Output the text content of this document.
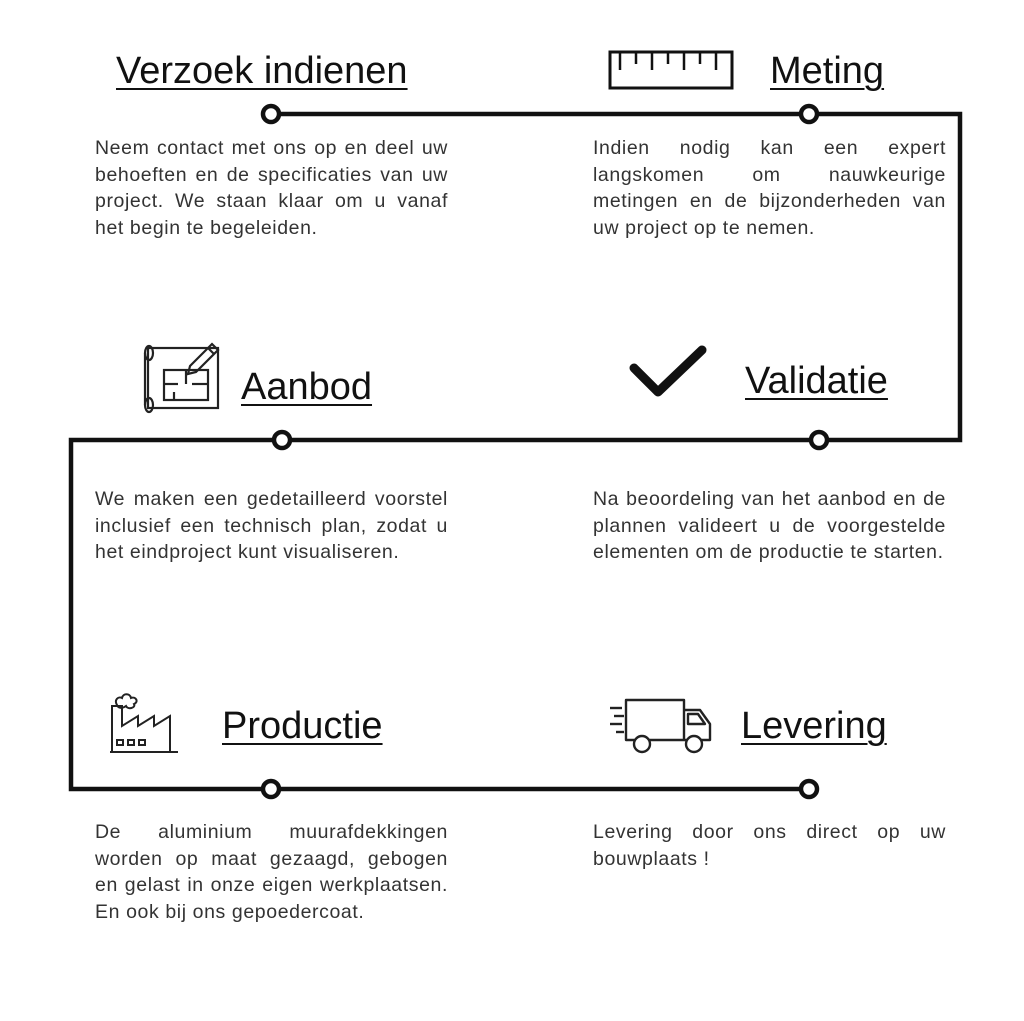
Verzoek indienen

Neem contact met ons op en deel uw behoeften en de specificaties van uw project. We staan klaar om u vanaf het begin te begeleiden.

Meting

Indien nodig kan een expert langskomen om nauwkeurige metingen en de bijzonderheden van uw project op te nemen.

Aanbod

We maken een gedetailleerd voorstel inclusief een technisch plan, zodat u het eindproject kunt visualiseren.

Validatie

Na beoordeling van het aanbod en de plannen valideert u de voorgestelde elementen om de productie te starten.

Productie

De aluminium muurafdekkingen worden op maat gezaagd, gebogen en gelast in onze eigen werkplaatsen. En ook bij ons gepoedercoat.

Levering

Levering door ons direct op uw bouwplaats !
